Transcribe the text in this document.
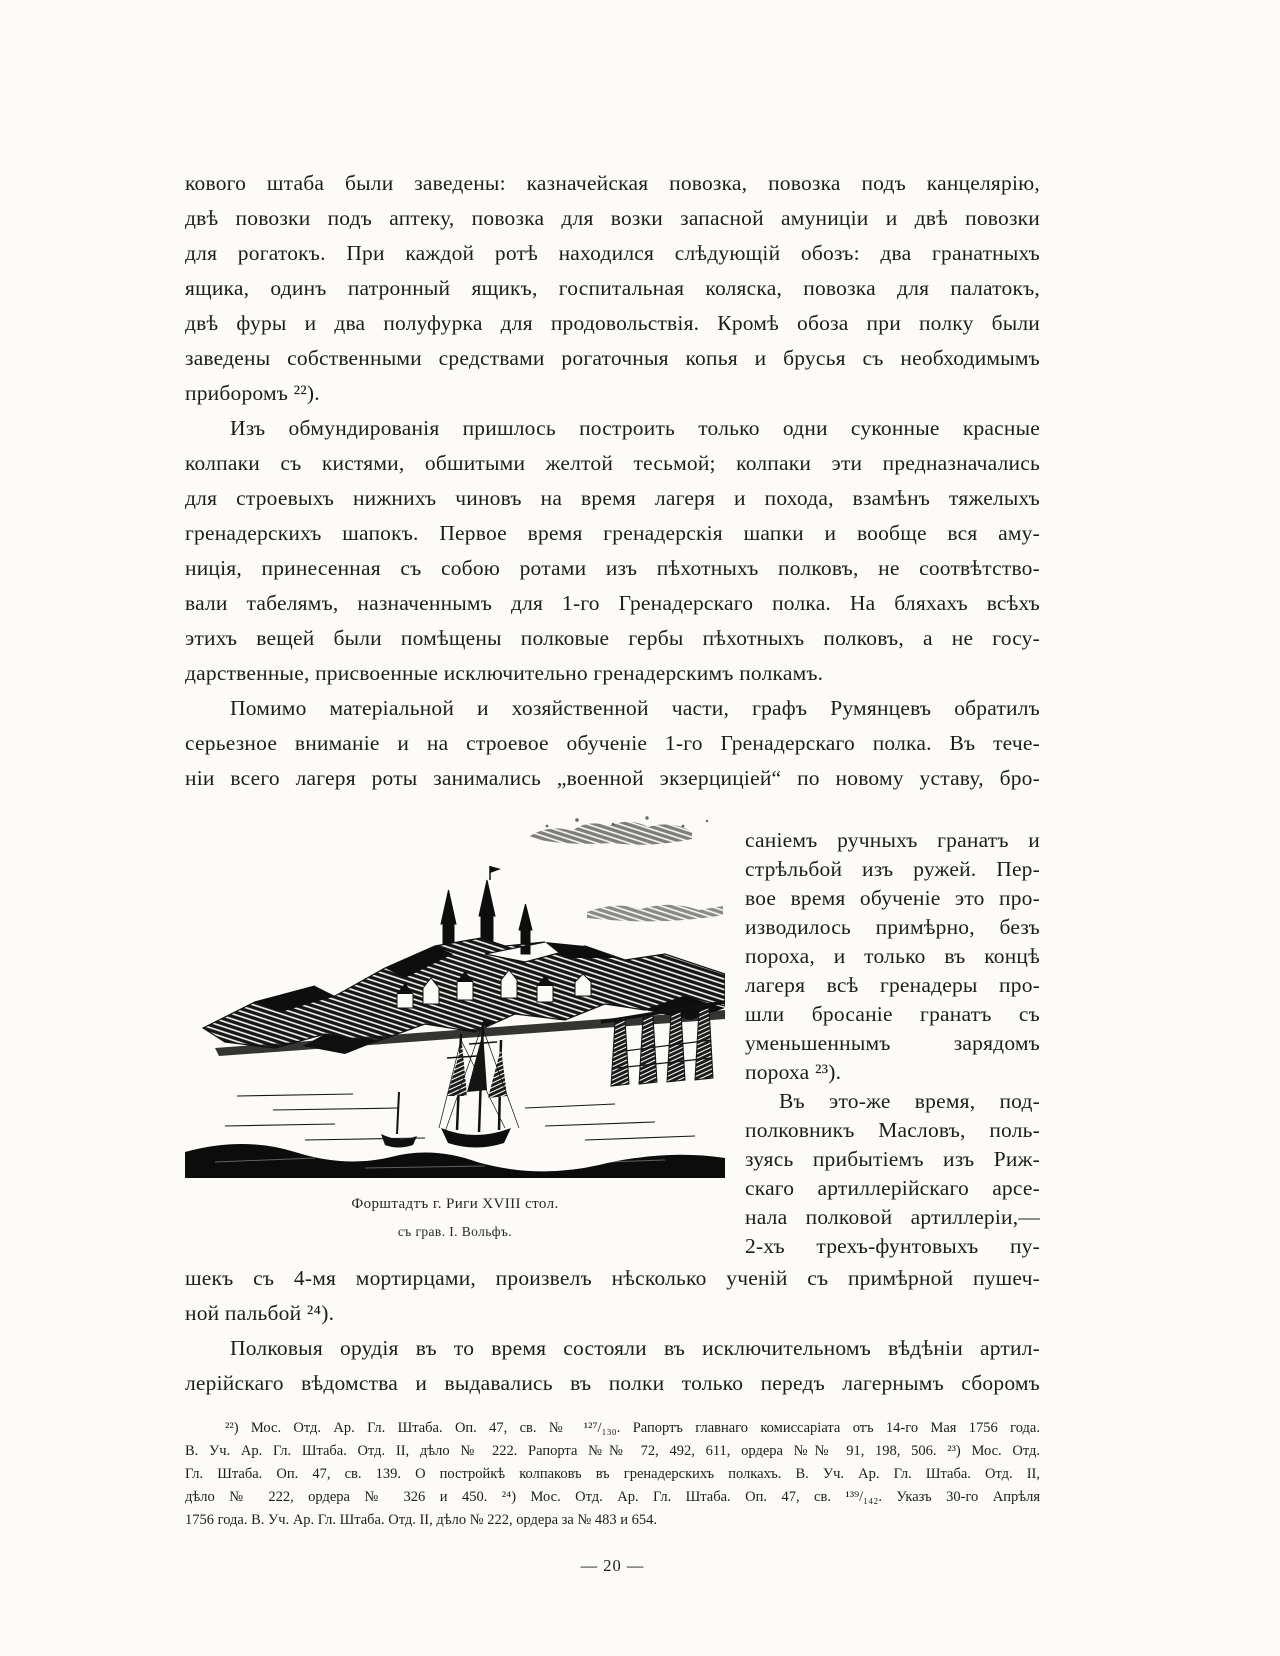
кового штаба были заведены: казначейская повозка, повозка подъ канцелярію,
двѣ повозки подъ аптеку, повозка для возки запасной амуниціи и двѣ повозки
для рогатокъ. При каждой ротѣ находился слѣдующій обозъ: два гранатныхъ
ящика, одинъ патронный ящикъ, госпитальная коляска, повозка для палатокъ,
двѣ фуры и два полуфурка для продовольствія. Кромѣ обоза при полку были
заведены собственными средствами рогаточныя копья и брусья съ необходимымъ
приборомъ ²²).
Изъ обмундированія пришлось построить только одни суконные красные
колпаки съ кистями, обшитыми желтой тесьмой; колпаки эти предназначались
для строевыхъ нижнихъ чиновъ на время лагеря и похода, взамѣнъ тяжелыхъ
гренадерскихъ шапокъ. Первое время гренадерскія шапки и вообще вся аму-
ниція, принесенная съ собою ротами изъ пѣхотныхъ полковъ, не соотвѣтство-
вали табелямъ, назначеннымъ для 1-го Гренадерскаго полка. На бляхахъ всѣхъ
этихъ вещей были помѣщены полковые гербы пѣхотныхъ полковъ, а не госу-
дарственные, присвоенные исключительно гренадерскимъ полкамъ.
Помимо матеріальной и хозяйственной части, графъ Румянцевъ обратилъ
серьезное вниманіе и на строевое обученіе 1-го Гренадерскаго полка. Въ тече-
ніи всего лагеря роты занимались „военной экзерциціей“ по новому уставу, бро-
Форштадтъ г. Риги XVIII стол.
съ грав. І. Вольфъ.
саніемъ ручныхъ гранатъ и
стрѣльбой изъ ружей. Пер-
вое время обученіе это про-
изводилось примѣрно, безъ
пороха, и только въ концѣ
лагеря всѣ гренадеры про-
шли бросаніе гранатъ съ
уменьшеннымъ зарядомъ
пороха ²³).
Въ это-же время, под-
полковникъ Масловъ, поль-
зуясь прибытіемъ изъ Риж-
скаго артиллерійскаго арсе-
нала полковой артиллеріи,—
2-хъ трехъ-фунтовыхъ пу-
шекъ съ 4-мя мортирцами, произвелъ нѣсколько ученій съ примѣрной пушеч-
ной пальбой ²⁴).
Полковыя орудія въ то время состояли въ исключительномъ вѣдѣніи артил-
лерійскаго вѣдомства и выдавались въ полки только передъ лагернымъ сборомъ
²²) Мос. Отд. Ар. Гл. Штаба. Оп. 47, св. № ¹²⁷/₁₃₀. Рапортъ главнаго комиссаріата отъ 14-го Мая 1756 года.
В. Уч. Ар. Гл. Штаба. Отд. II, дѣло № 222. Рапорта №№ 72, 492, 611, ордера №№ 91, 198, 506. ²³) Мос. Отд.
Гл. Штаба. Оп. 47, св. 139. О постройкѣ колпаковъ въ гренадерскихъ полкахъ. В. Уч. Ар. Гл. Штаба. Отд. II,
дѣло № 222, ордера № 326 и 450. ²⁴) Мос. Отд. Ар. Гл. Штаба. Оп. 47, св. ¹³⁹/₁₄₂. Указъ 30-го Апрѣля
1756 года. В. Уч. Ар. Гл. Штаба. Отд. II, дѣло № 222, ордера за № 483 и 654.
— 20 —
